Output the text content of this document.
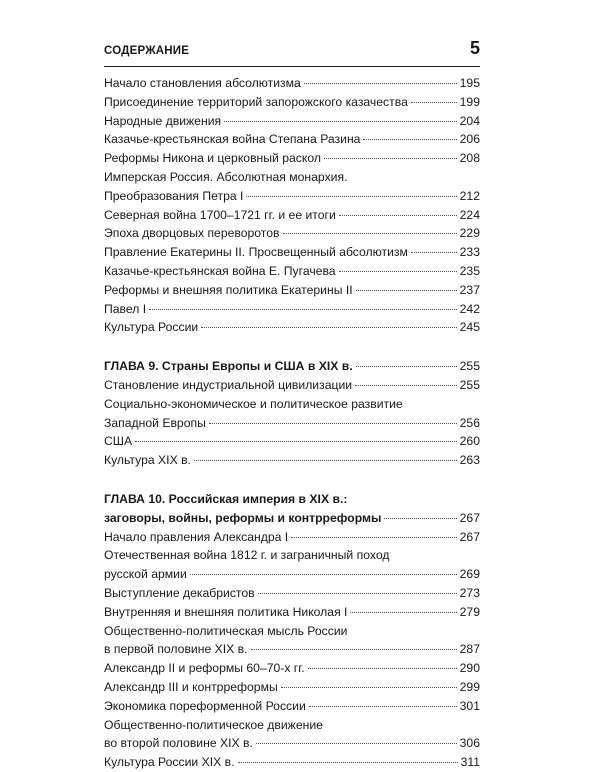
СОДЕРЖАНИЕ	5
Начало становления абсолютизма	195
Присоединение территорий запорожского казачества	199
Народные движения	204
Казачье-крестьянская война Степана Разина	206
Реформы Никона и церковный раскол	208
Имперская Россия. Абсолютная монархия.
Преобразования Петра I	212
Северная война 1700–1721 гг. и ее итоги	224
Эпоха дворцовых переворотов	229
Правление Екатерины II. Просвещенный абсолютизм	233
Казачье-крестьянская война Е. Пугачева	235
Реформы и внешняя политика Екатерины II	237
Павел I	242
Культура России	245
ГЛАВА 9. Страны Европы и США в XIX в.	255
Становление индустриальной цивилизации	255
Социально-экономическое и политическое развитие
Западной Европы	256
США	260
Культура XIX в.	263
ГЛАВА 10. Российская империя в XIX в.:
заговоры, войны, реформы и контрреформы	267
Начало правления Александра I	267
Отечественная война 1812 г. и заграничный поход
русской армии	269
Выступление декабристов	273
Внутренняя и внешняя политика Николая I	279
Общественно-политическая мысль России
в первой половине XIX в.	287
Александр II и реформы 60–70-х гг.	290
Александр III и контрреформы	299
Экономика пореформенной России	301
Общественно-политическое движение
во второй половине XIX в.	306
Культура России XIX в.	311
